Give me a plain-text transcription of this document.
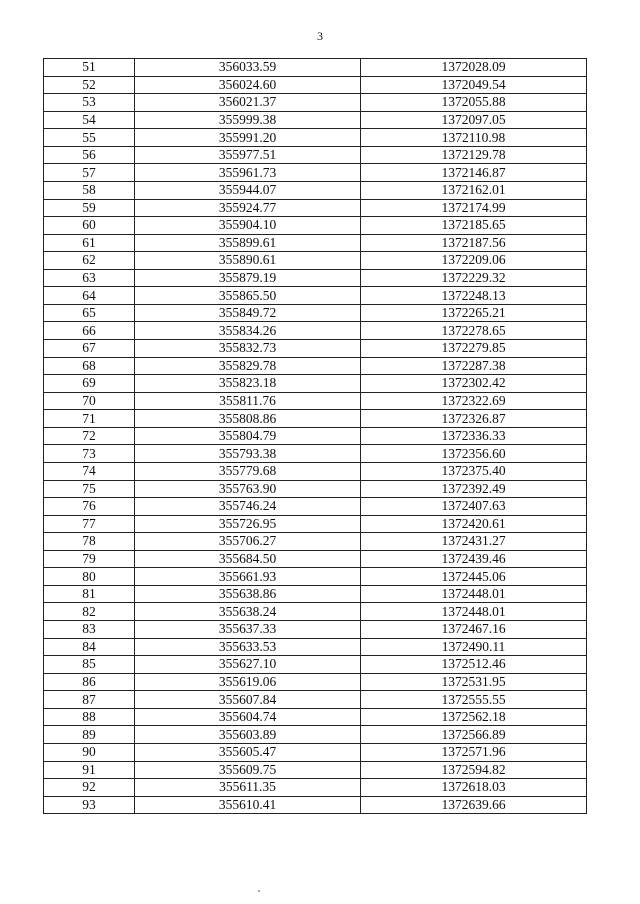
3
51	356033.59	1372028.09
52	356024.60	1372049.54
53	356021.37	1372055.88
54	355999.38	1372097.05
55	355991.20	1372110.98
56	355977.51	1372129.78
57	355961.73	1372146.87
58	355944.07	1372162.01
59	355924.77	1372174.99
60	355904.10	1372185.65
61	355899.61	1372187.56
62	355890.61	1372209.06
63	355879.19	1372229.32
64	355865.50	1372248.13
65	355849.72	1372265.21
66	355834.26	1372278.65
67	355832.73	1372279.85
68	355829.78	1372287.38
69	355823.18	1372302.42
70	355811.76	1372322.69
71	355808.86	1372326.87
72	355804.79	1372336.33
73	355793.38	1372356.60
74	355779.68	1372375.40
75	355763.90	1372392.49
76	355746.24	1372407.63
77	355726.95	1372420.61
78	355706.27	1372431.27
79	355684.50	1372439.46
80	355661.93	1372445.06
81	355638.86	1372448.01
82	355638.24	1372448.01
83	355637.33	1372467.16
84	355633.53	1372490.11
85	355627.10	1372512.46
86	355619.06	1372531.95
87	355607.84	1372555.55
88	355604.74	1372562.18
89	355603.89	1372566.89
90	355605.47	1372571.96
91	355609.75	1372594.82
92	355611.35	1372618.03
93	355610.41	1372639.66
